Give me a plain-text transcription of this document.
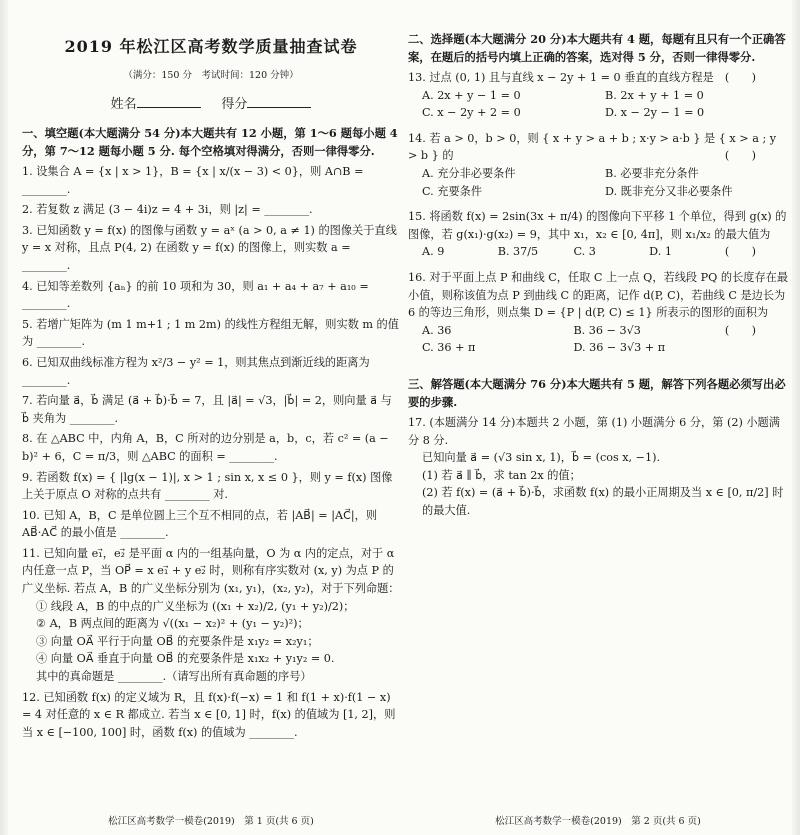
2019 年松江区高考数学质量抽查试卷
（满分：150 分　考试时间：120 分钟）
姓名	得分
一、填空题(本大题满分 54 分)本大题共有 12 小题，第 1～6 题每小题 4 分，第 7～12 题每小题 5 分. 每个空格填对得满分，否则一律得零分.
1. 设集合 A = {x | x > 1}，B = {x | x/(x − 3) < 0}，则 A∩B = ________.
2. 若复数 z 满足 (3 − 4i)z = 4 + 3i，则 |z| = ________.
3. 已知函数 y = f(x) 的图像与函数 y = aˣ (a > 0, a ≠ 1) 的图像关于直线 y = x 对称，且点 P(4, 2) 在函数 y = f(x) 的图像上，则实数 a = ________.
4. 已知等差数列 {aₙ} 的前 10 项和为 30，则 a₁ + a₄ + a₇ + a₁₀ = ________.
5. 若增广矩阵为 (m 1 m+1 ; 1 m 2m) 的线性方程组无解，则实数 m 的值为 ________.
6. 已知双曲线标准方程为 x²/3 − y² = 1，则其焦点到渐近线的距离为 ________.
7. 若向量 a⃗，b⃗ 满足 (a⃗ + b⃗)·b⃗ = 7，且 |a⃗| = √3，|b⃗| = 2，则向量 a⃗ 与 b⃗ 夹角为 ________.
8. 在 △ABC 中，内角 A，B，C 所对的边分别是 a，b，c，若 c² = (a − b)² + 6，C = π/3，则 △ABC 的面积 = ________.
9. 若函数 f(x) = { |lg(x − 1)|, x > 1 ; sin x, x ≤ 0 }，则 y = f(x) 图像上关于原点 O 对称的点共有 ________ 对.
10. 已知 A，B，C 是单位圆上三个互不相同的点，若 |AB⃗| = |AC⃗|，则 AB⃗·AC⃗ 的最小值是 ________.
11. 已知向量 e₁⃗，e₂⃗ 是平面 α 内的一组基向量，O 为 α 内的定点，对于 α 内任意一点 P，当 OP⃗ = x e₁⃗ + y e₂⃗ 时，则称有序实数对 (x, y) 为点 P 的广义坐标. 若点 A，B 的广义坐标分别为 (x₁, y₁)，(x₂, y₂)，对于下列命题：
① 线段 A，B 的中点的广义坐标为 ((x₁ + x₂)/2, (y₁ + y₂)/2)；
② A，B 两点间的距离为 √((x₁ − x₂)² + (y₁ − y₂)²)；
③ 向量 OA⃗ 平行于向量 OB⃗ 的充要条件是 x₁y₂ = x₂y₁；
④ 向量 OA⃗ 垂直于向量 OB⃗ 的充要条件是 x₁x₂ + y₁y₂ = 0.
其中的真命题是 ________.（请写出所有真命题的序号）
12. 已知函数 f(x) 的定义域为 R，且 f(x)·f(−x) = 1 和 f(1 + x)·f(1 − x) = 4 对任意的 x ∈ R 都成立. 若当 x ∈ [0, 1] 时，f(x) 的值域为 [1, 2]，则当 x ∈ [−100, 100] 时，函数 f(x) 的值域为 ________.
松江区高考数学一模卷(2019)　第 1 页(共 6 页)
二、选择题(本大题满分 20 分)本大题共有 4 题，每题有且只有一个正确答案，在题后的括号内填上正确的答案，选对得 5 分，否则一律得零分.
13. 过点 (0, 1) 且与直线 x − 2y + 1 = 0 垂直的直线方程是 (　　)
A. 2x + y − 1 = 0	B. 2x + y + 1 = 0
C. x − 2y + 2 = 0	D. x − 2y − 1 = 0
14. 若 a > 0，b > 0，则 { x + y > a + b ; x·y > a·b } 是 { x > a ; y > b } 的	(　　)
A. 充分非必要条件	B. 必要非充分条件
C. 充要条件	D. 既非充分又非必要条件
15. 将函数 f(x) = 2sin(3x + π/4) 的图像向下平移 1 个单位，得到 g(x) 的图像，若 g(x₁)·g(x₂) = 9，其中 x₁，x₂ ∈ [0, 4π]，则 x₁/x₂ 的最大值为
(　　)
A. 9	B. 37/5	C. 3	D. 1
16. 对于平面上点 P 和曲线 C，任取 C 上一点 Q，若线段 PQ 的长度存在最小值，则称该值为点 P 到曲线 C 的距离，记作 d(P, C)，若曲线 C 是边长为 6 的等边三角形，则点集 D = {P | d(P, C) ≤ 1} 所表示的图形的面积为
(　　)
A. 36	B. 36 − 3√3
C. 36 + π	D. 36 − 3√3 + π
三、解答题(本大题满分 76 分)本大题共有 5 题，解答下列各题必须写出必要的步骤.
17. (本题满分 14 分)本题共 2 小题，第 (1) 小题满分 6 分，第 (2) 小题满分 8 分.
已知向量 a⃗ = (√3 sin x, 1)，b⃗ = (cos x, −1).
(1) 若 a⃗ ∥ b⃗，求 tan 2x 的值；
(2) 若 f(x) = (a⃗ + b⃗)·b⃗，求函数 f(x) 的最小正周期及当 x ∈ [0, π/2] 时的最大值.
松江区高考数学一模卷(2019)　第 2 页(共 6 页)
